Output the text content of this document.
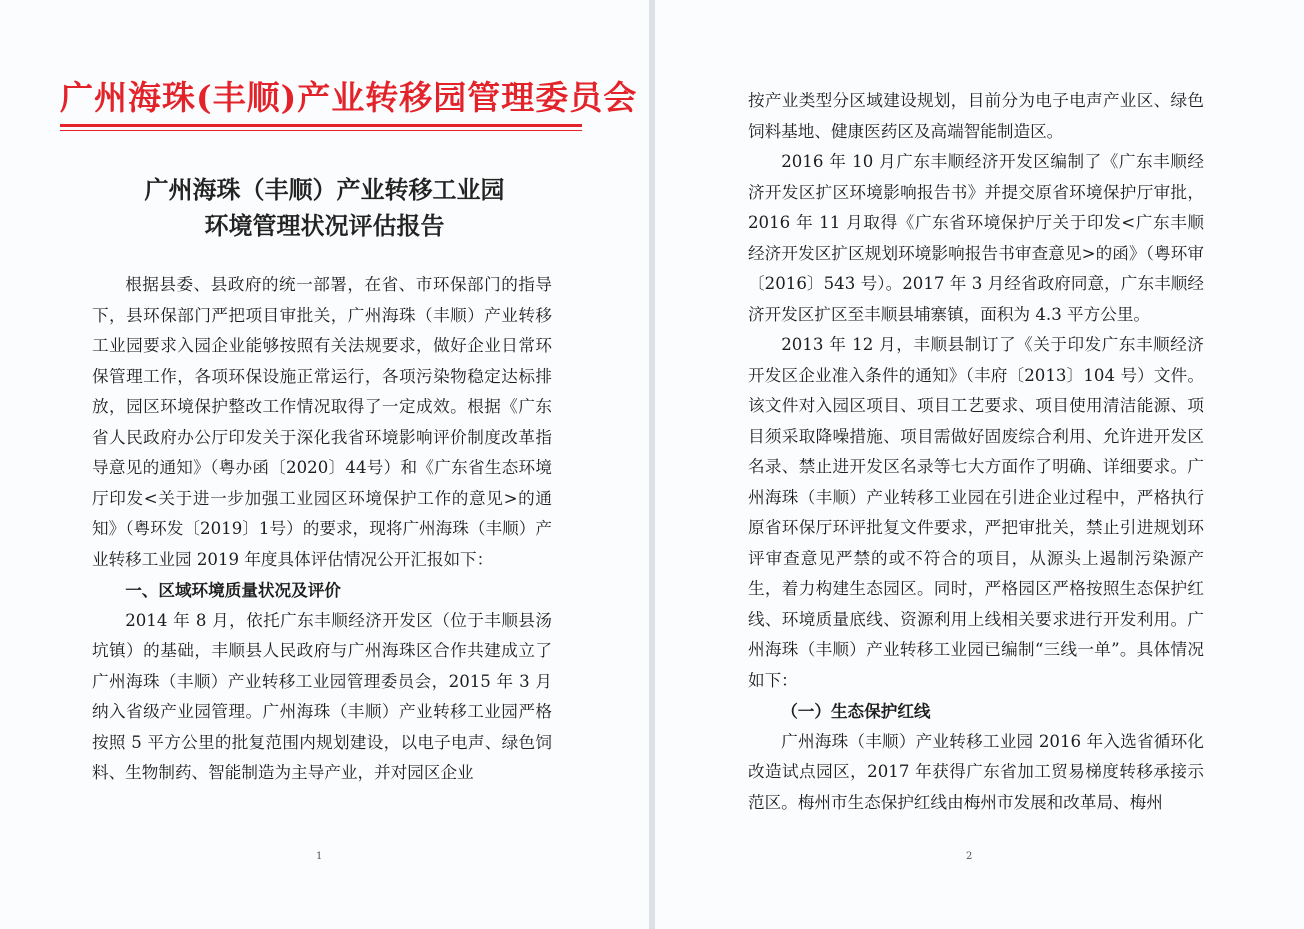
广州海珠(丰顺)产业转移园管理委员会
广州海珠（丰顺）产业转移工业园
环境管理状况评估报告

根据县委、县政府的统一部署，在省、市环保部门的指导下，县环保部门严把项目审批关，广州海珠（丰顺）产业转移工业园要求入园企业能够按照有关法规要求，做好企业日常环保管理工作，各项环保设施正常运行，各项污染物稳定达标排放，园区环境保护整改工作情况取得了一定成效。根据《广东省人民政府办公厅印发关于深化我省环境影响评价制度改革指导意见的通知》（粤办函〔2020〕44号）和《广东省生态环境厅印发<关于进一步加强工业园区环境保护工作的意见>的通知》（粤环发〔2019〕1号）的要求，现将广州海珠（丰顺）产业转移工业园 2019 年度具体评估情况公开汇报如下：

一、区域环境质量状况及评价

2014 年 8 月，依托广东丰顺经济开发区（位于丰顺县汤坑镇）的基础，丰顺县人民政府与广州海珠区合作共建成立了广州海珠（丰顺）产业转移工业园管理委员会，2015 年 3 月纳入省级产业园管理。广州海珠（丰顺）产业转移工业园严格按照 5 平方公里的批复范围内规划建设，以电子电声、绿色饲料、生物制药、智能制造为主导产业，并对园区企业

1	2

按产业类型分区域建设规划，目前分为电子电声产业区、绿色饲料基地、健康医药区及高端智能制造区。

2016 年 10 月广东丰顺经济开发区编制了《广东丰顺经济开发区扩区环境影响报告书》并提交原省环境保护厅审批，2016 年 11 月取得《广东省环境保护厅关于印发<广东丰顺经济开发区扩区规划环境影响报告书审查意见>的函》（粤环审〔2016〕543 号）。2017 年 3 月经省政府同意，广东丰顺经济开发区扩区至丰顺县埔寨镇，面积为 4.3 平方公里。

2013 年 12 月，丰顺县制订了《关于印发广东丰顺经济开发区企业准入条件的通知》（丰府〔2013〕104 号）文件。该文件对入园区项目、项目工艺要求、项目使用清洁能源、项目须采取降噪措施、项目需做好固废综合利用、允许进开发区名录、禁止进开发区名录等七大方面作了明确、详细要求。广州海珠（丰顺）产业转移工业园在引进企业过程中，严格执行原省环保厅环评批复文件要求，严把审批关，禁止引进规划环评审查意见严禁的或不符合的项目，从源头上遏制污染源产生，着力构建生态园区。同时，严格园区严格按照生态保护红线、环境质量底线、资源利用上线相关要求进行开发利用。广州海珠（丰顺）产业转移工业园已编制“三线一单”。具体情况如下：

（一）生态保护红线

广州海珠（丰顺）产业转移工业园 2016 年入选省循环化改造试点园区，2017 年获得广东省加工贸易梯度转移承接示范区。梅州市生态保护红线由梅州市发展和改革局、梅州
